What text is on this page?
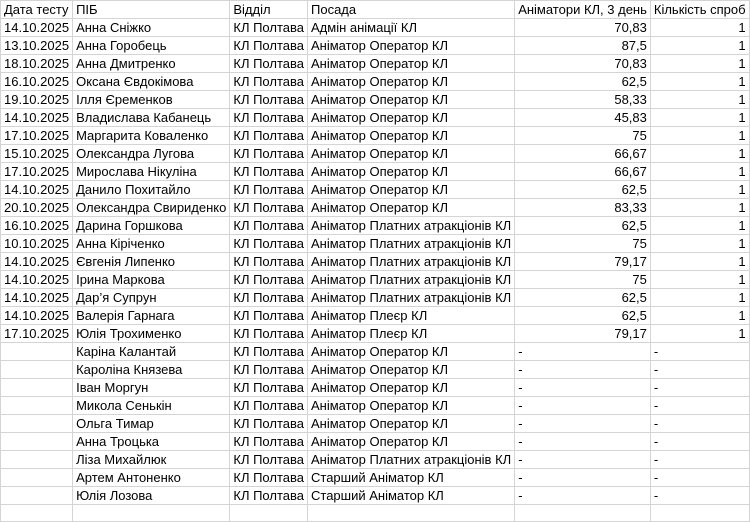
Дата тесту	ПІБ	Відділ	Посада	Аніматори КЛ, 3 день	Кількість спроб
14.10.2025	Анна Сніжко	КЛ Полтава	Адмін анімації КЛ	70,83	1
13.10.2025	Анна Горобець	КЛ Полтава	Аніматор Оператор КЛ	87,5	1
18.10.2025	Анна Дмитренко	КЛ Полтава	Аніматор Оператор КЛ	70,83	1
16.10.2025	Оксана Євдокімова	КЛ Полтава	Аніматор Оператор КЛ	62,5	1
19.10.2025	Ілля Єременков	КЛ Полтава	Аніматор Оператор КЛ	58,33	1
14.10.2025	Владислава Кабанець	КЛ Полтава	Аніматор Оператор КЛ	45,83	1
17.10.2025	Маргарита Коваленко	КЛ Полтава	Аніматор Оператор КЛ	75	1
15.10.2025	Олександра Лугова	КЛ Полтава	Аніматор Оператор КЛ	66,67	1
17.10.2025	Мирослава Нікуліна	КЛ Полтава	Аніматор Оператор КЛ	66,67	1
14.10.2025	Данило Похитайло	КЛ Полтава	Аніматор Оператор КЛ	62,5	1
20.10.2025	Олександра Свириденко	КЛ Полтава	Аніматор Оператор КЛ	83,33	1
16.10.2025	Дарина Горшкова	КЛ Полтава	Аніматор Платних атракціонів КЛ	62,5	1
10.10.2025	Анна Кіріченко	КЛ Полтава	Аніматор Платних атракціонів КЛ	75	1
14.10.2025	Євгенія Липенко	КЛ Полтава	Аніматор Платних атракціонів КЛ	79,17	1
14.10.2025	Ірина Маркова	КЛ Полтава	Аніматор Платних атракціонів КЛ	75	1
14.10.2025	Дар’я Супрун	КЛ Полтава	Аніматор Платних атракціонів КЛ	62,5	1
14.10.2025	Валерія Гарнага	КЛ Полтава	Аніматор Плеєр КЛ	62,5	1
17.10.2025	Юлія Трохименко	КЛ Полтава	Аніматор Плеєр КЛ	79,17	1
	Каріна Калантай	КЛ Полтава	Аніматор Оператор КЛ	-	-
	Кароліна Князева	КЛ Полтава	Аніматор Оператор КЛ	-	-
	Іван Моргун	КЛ Полтава	Аніматор Оператор КЛ	-	-
	Микола Сенькін	КЛ Полтава	Аніматор Оператор КЛ	-	-
	Ольга Тимар	КЛ Полтава	Аніматор Оператор КЛ	-	-
	Анна Троцька	КЛ Полтава	Аніматор Оператор КЛ	-	-
	Ліза Михайлюк	КЛ Полтава	Аніматор Платних атракціонів КЛ	-	-
	Артем Антоненко	КЛ Полтава	Старший Аніматор КЛ	-	-
	Юлія Лозова	КЛ Полтава	Старший Аніматор КЛ	-	-
